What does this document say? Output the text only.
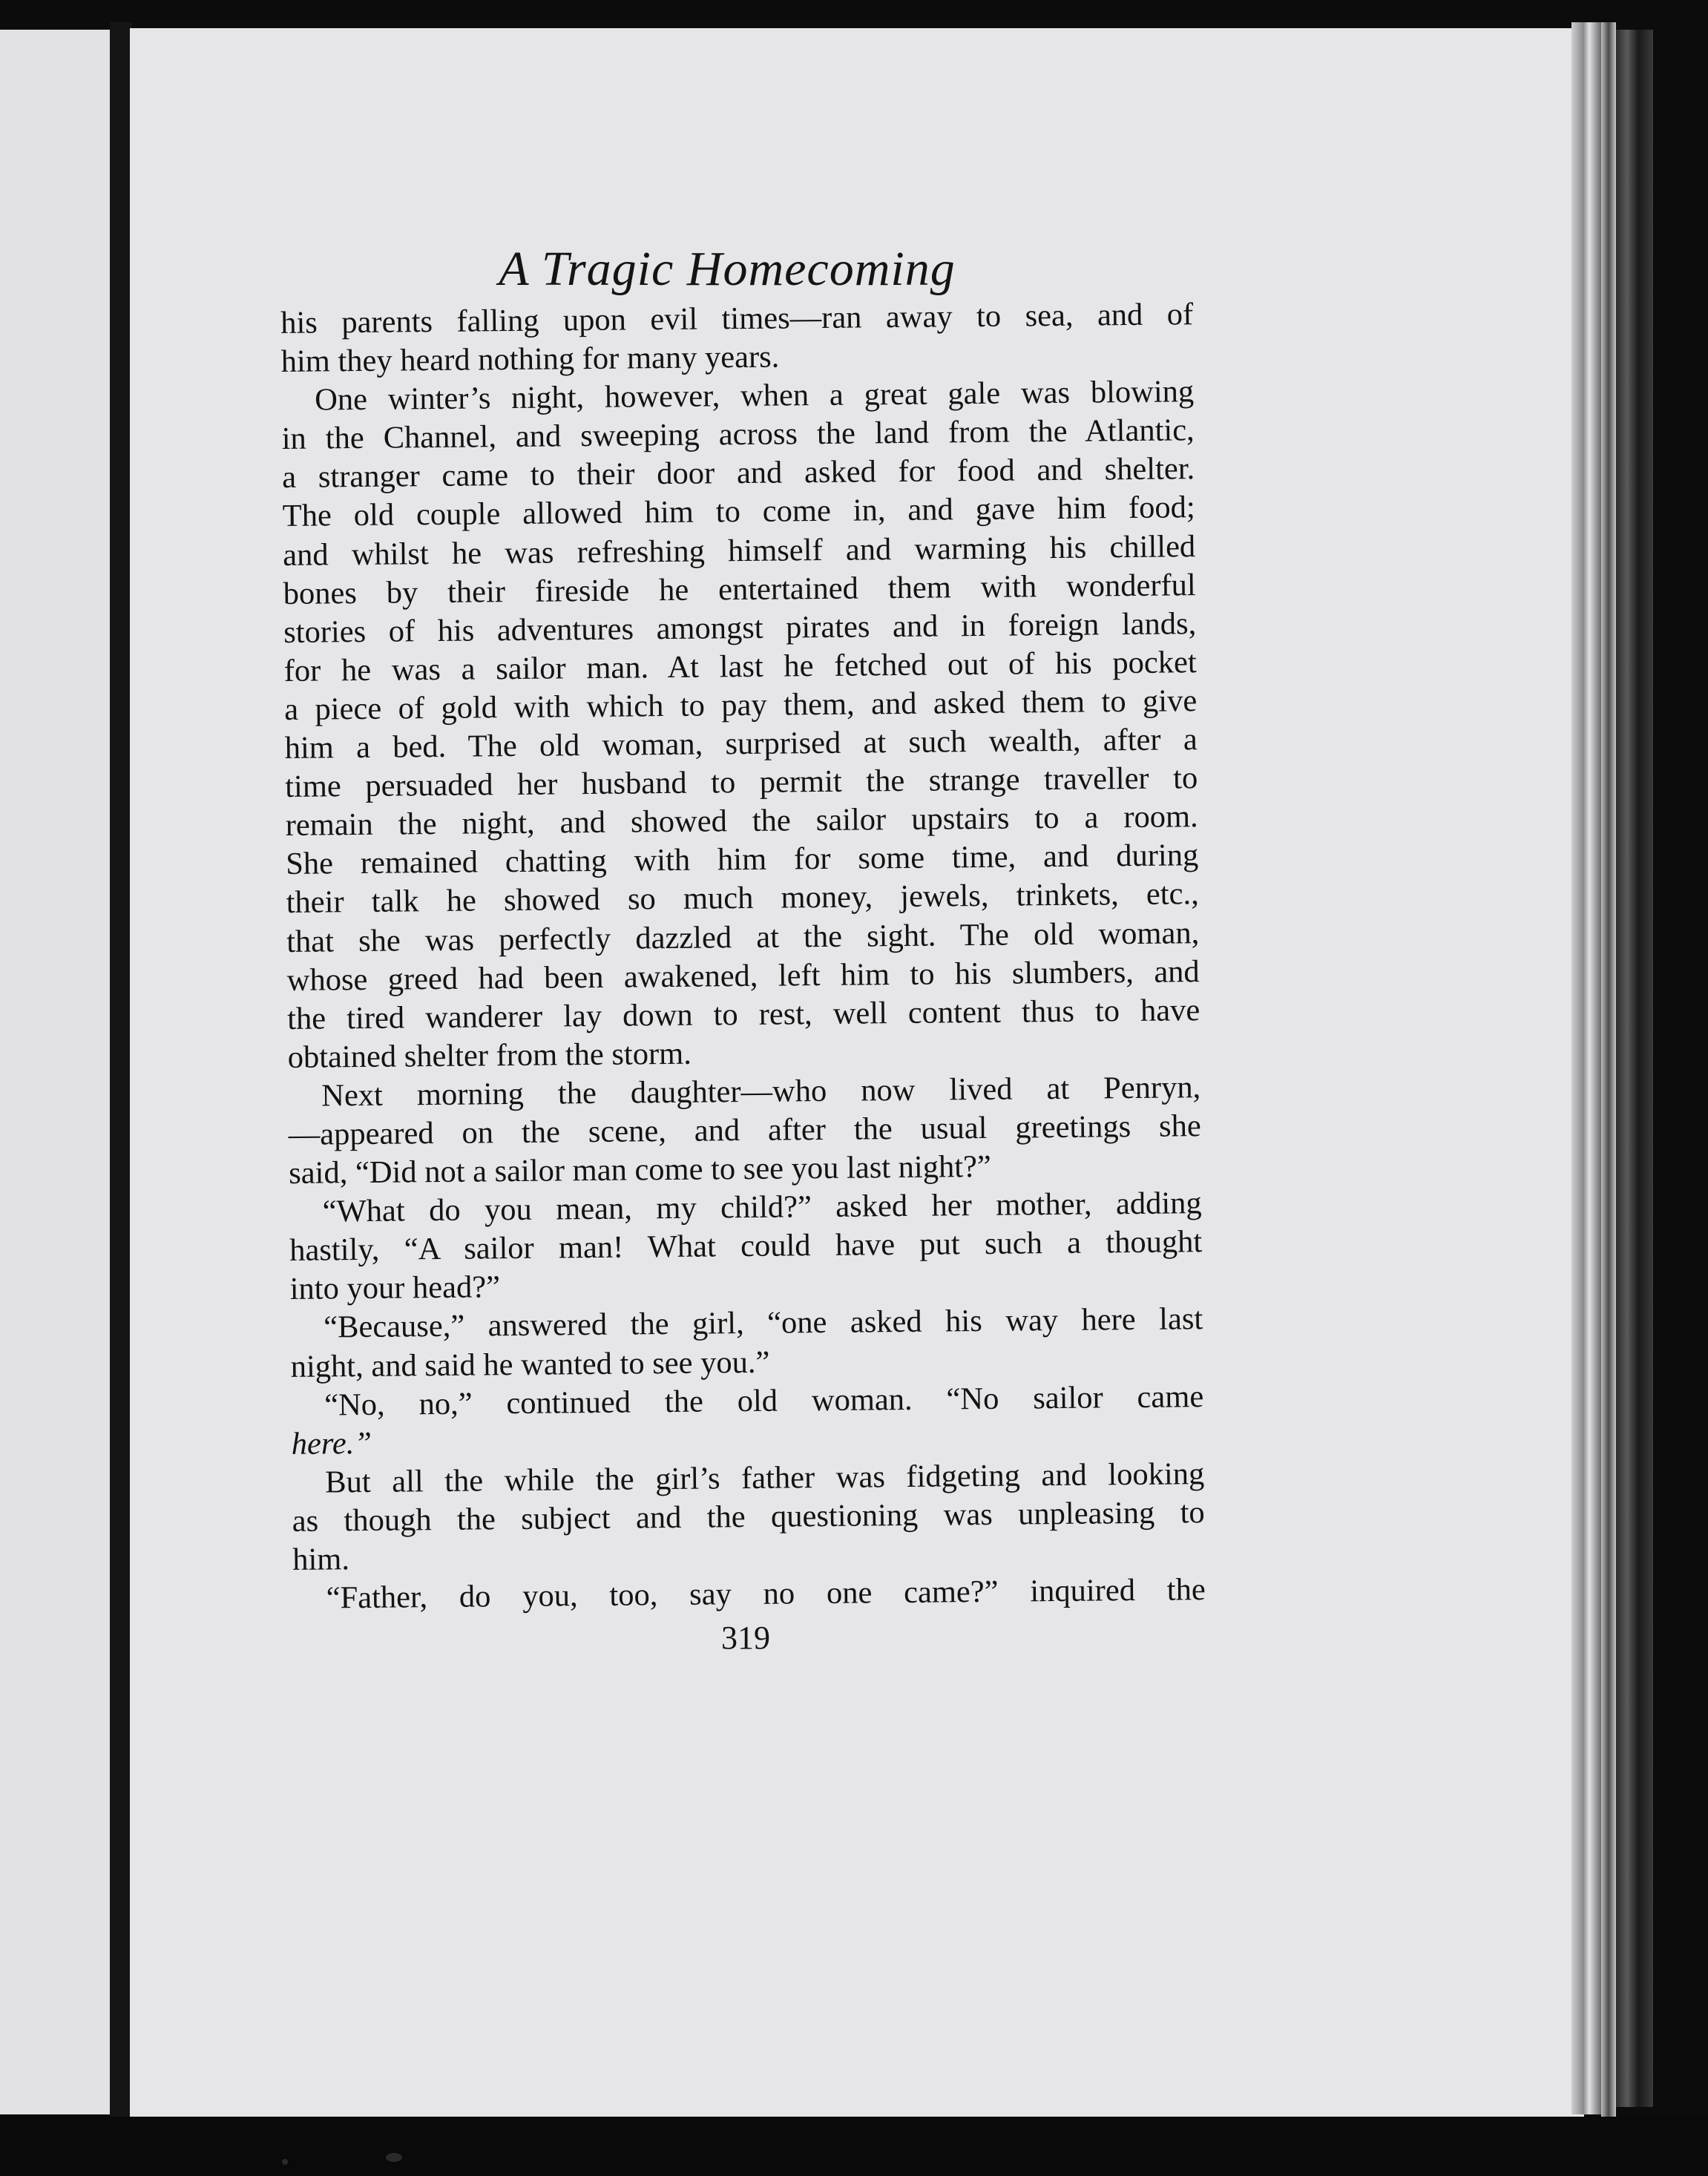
A Tragic Homecoming
his parents falling upon evil times—ran away to sea, and of
him they heard nothing for many years.
One winter’s night, however, when a great gale was blowing
in the Channel, and sweeping across the land from the Atlantic,
a stranger came to their door and asked for food and shelter.
The old couple allowed him to come in, and gave him food;
and whilst he was refreshing himself and warming his chilled
bones by their fireside he entertained them with wonderful
stories of his adventures amongst pirates and in foreign lands,
for he was a sailor man. At last he fetched out of his pocket
a piece of gold with which to pay them, and asked them to give
him a bed. The old woman, surprised at such wealth, after a
time persuaded her husband to permit the strange traveller to
remain the night, and showed the sailor upstairs to a room.
She remained chatting with him for some time, and during
their talk he showed so much money, jewels, trinkets, etc.,
that she was perfectly dazzled at the sight. The old woman,
whose greed had been awakened, left him to his slumbers, and
the tired wanderer lay down to rest, well content thus to have
obtained shelter from the storm.
Next morning the daughter—who now lived at Penryn,
—appeared on the scene, and after the usual greetings she
said, “Did not a sailor man come to see you last night?”
“What do you mean, my child?” asked her mother, adding
hastily, “A sailor man! What could have put such a thought
into your head?”
“Because,” answered the girl, “one asked his way here last
night, and said he wanted to see you.”
“No, no,” continued the old woman. “No sailor came
here.”
But all the while the girl’s father was fidgeting and looking
as though the subject and the questioning was unpleasing to
him.
“Father, do you, too, say no one came?” inquired the
319
